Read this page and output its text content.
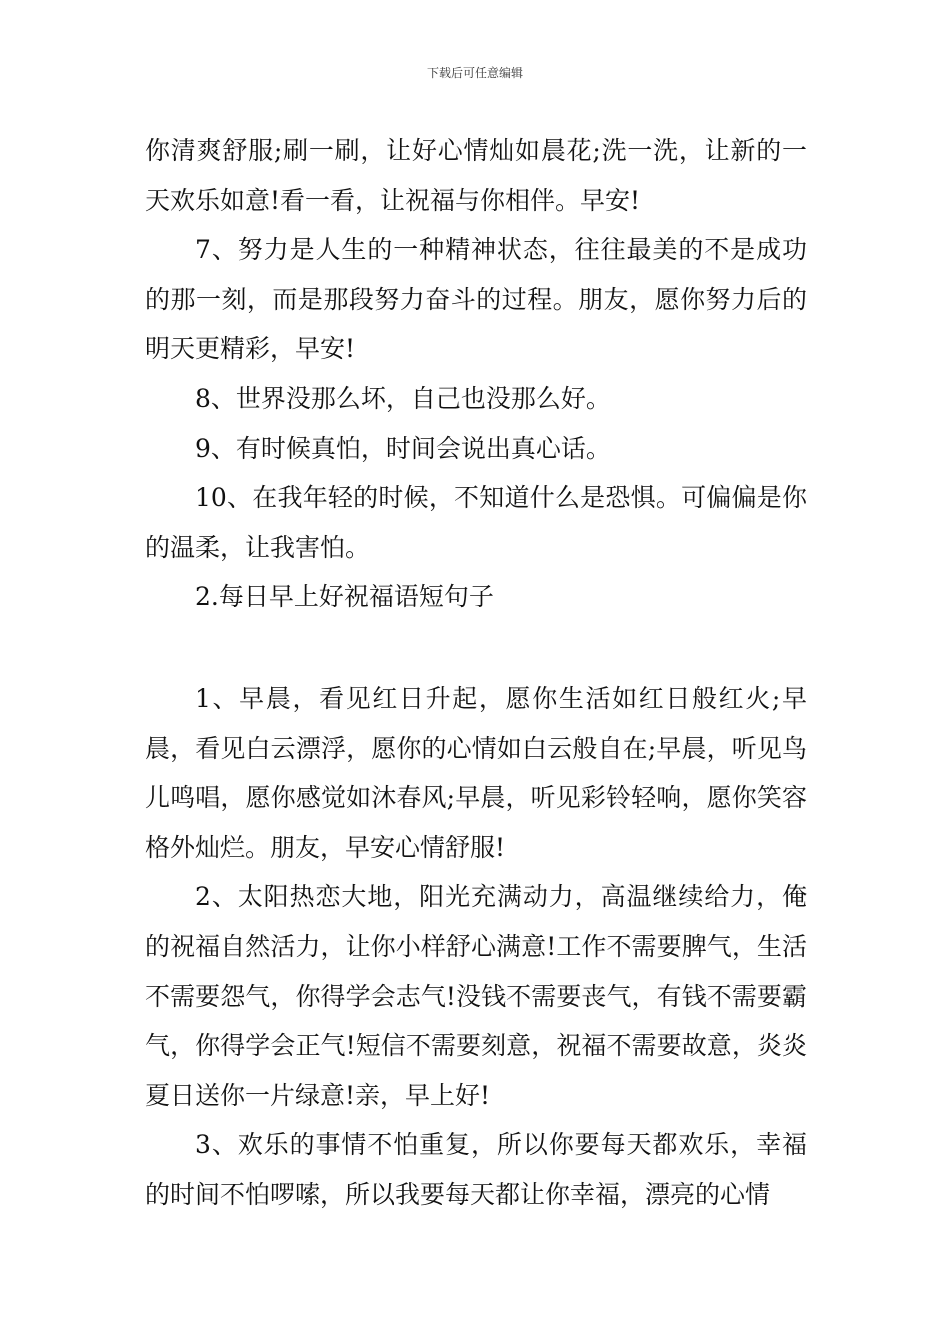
下载后可任意编辑

你清爽舒服;刷一刷，让好心情灿如晨花;洗一洗，让新的一天欢乐如意!看一看，让祝福与你相伴。早安!

7、努力是人生的一种精神状态，往往最美的不是成功的那一刻，而是那段努力奋斗的过程。朋友，愿你努力后的明天更精彩，早安!

8、世界没那么坏，自己也没那么好。

9、有时候真怕，时间会说出真心话。

10、在我年轻的时候，不知道什么是恐惧。可偏偏是你的温柔，让我害怕。

2.每日早上好祝福语短句子

1、早晨，看见红日升起，愿你生活如红日般红火;早晨，看见白云漂浮，愿你的心情如白云般自在;早晨，听见鸟儿鸣唱，愿你感觉如沐春风;早晨，听见彩铃轻响，愿你笑容格外灿烂。朋友，早安心情舒服!

2、太阳热恋大地，阳光充满动力，高温继续给力，俺的祝福自然活力，让你小样舒心满意!工作不需要脾气，生活不需要怨气，你得学会志气!没钱不需要丧气，有钱不需要霸气，你得学会正气!短信不需要刻意，祝福不需要故意，炎炎夏日送你一片绿意!亲，早上好!

3、欢乐的事情不怕重复，所以你要每天都欢乐，幸福的时间不怕啰嗦，所以我要每天都让你幸福，漂亮的心情
